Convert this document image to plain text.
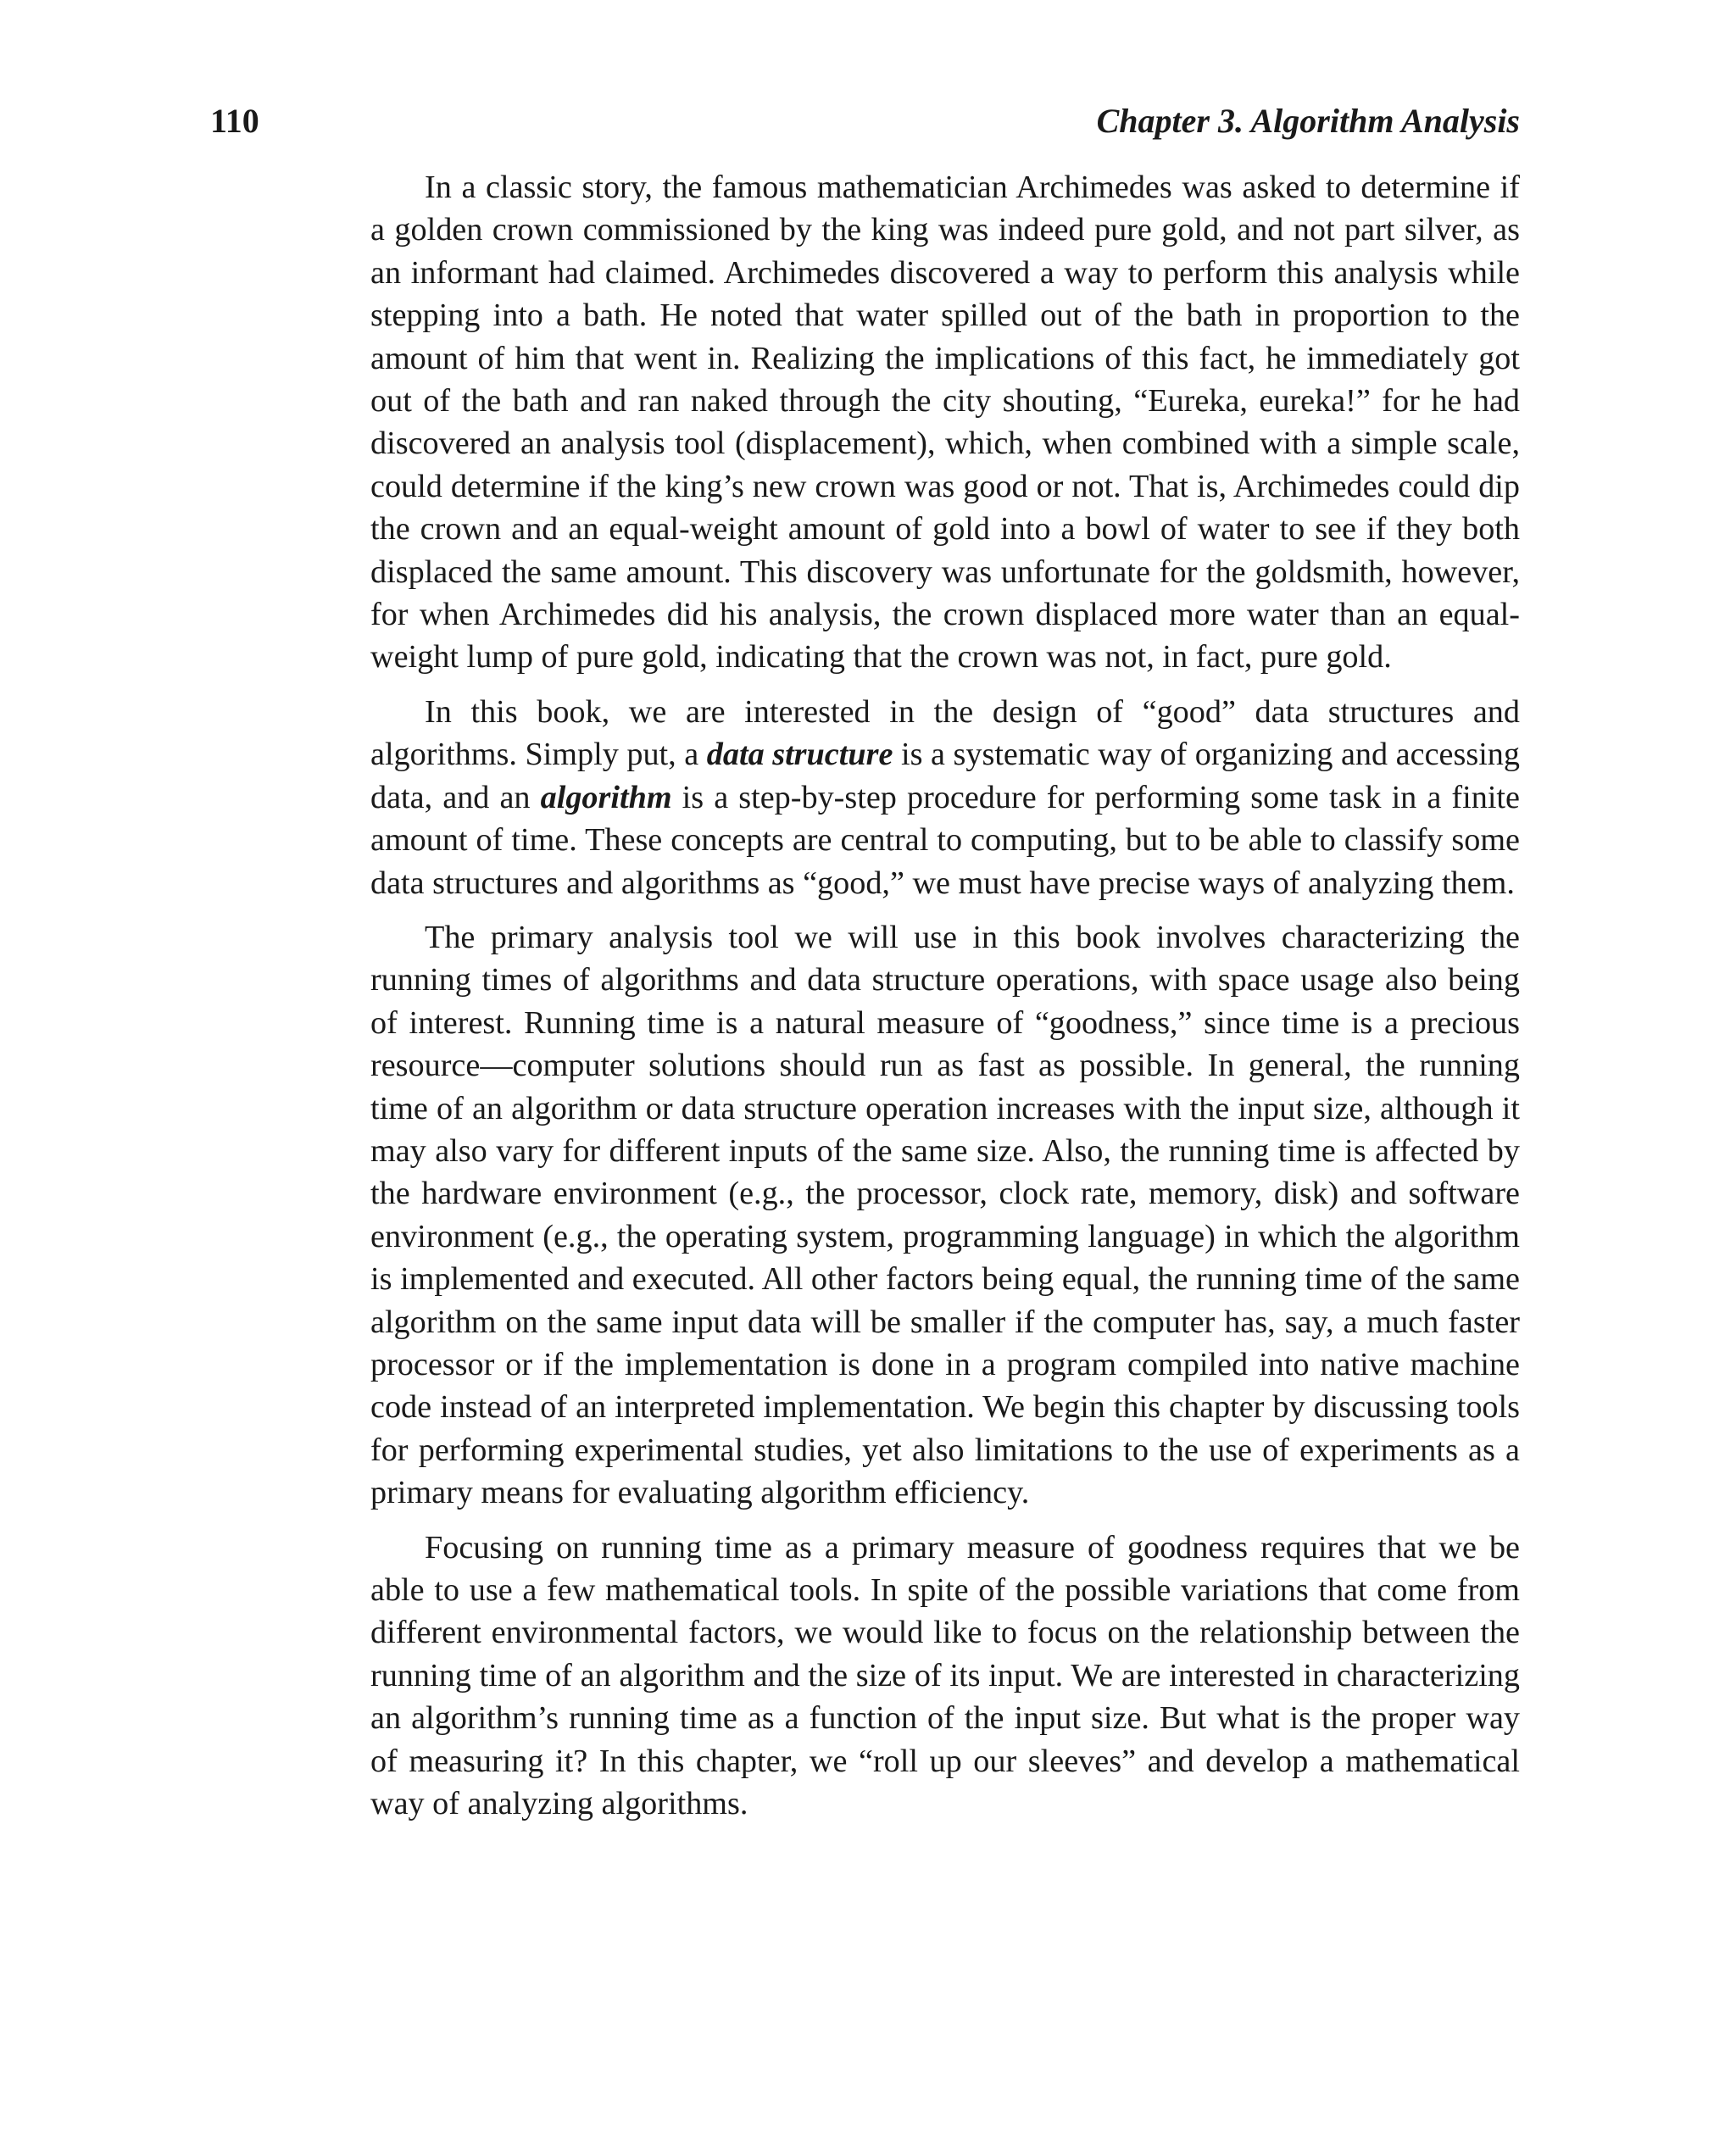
110	Chapter 3. Algorithm Analysis

In a classic story, the famous mathematician Archimedes was asked to determine if a golden crown commissioned by the king was indeed pure gold, and not part silver, as an informant had claimed. Archimedes discovered a way to perform this analysis while stepping into a bath. He noted that water spilled out of the bath in proportion to the amount of him that went in. Realizing the implications of this fact, he immediately got out of the bath and ran naked through the city shouting, “Eureka, eureka!” for he had discovered an analysis tool (displacement), which, when combined with a simple scale, could determine if the king’s new crown was good or not. That is, Archimedes could dip the crown and an equal-weight amount of gold into a bowl of water to see if they both displaced the same amount. This discovery was unfortunate for the goldsmith, however, for when Archimedes did his analysis, the crown displaced more water than an equal-weight lump of pure gold, indicating that the crown was not, in fact, pure gold.

In this book, we are interested in the design of “good” data structures and algorithms. Simply put, a data structure is a systematic way of organizing and accessing data, and an algorithm is a step-by-step procedure for performing some task in a finite amount of time. These concepts are central to computing, but to be able to classify some data structures and algorithms as “good,” we must have precise ways of analyzing them.

The primary analysis tool we will use in this book involves characterizing the running times of algorithms and data structure operations, with space usage also being of interest. Running time is a natural measure of “goodness,” since time is a precious resource—computer solutions should run as fast as possible. In general, the running time of an algorithm or data structure operation increases with the input size, although it may also vary for different inputs of the same size. Also, the running time is affected by the hardware environment (e.g., the processor, clock rate, memory, disk) and software environment (e.g., the operating system, programming language) in which the algorithm is implemented and executed. All other factors being equal, the running time of the same algorithm on the same input data will be smaller if the computer has, say, a much faster processor or if the implementation is done in a program compiled into native machine code instead of an interpreted implementation. We begin this chapter by discussing tools for performing experimental studies, yet also limitations to the use of experiments as a primary means for evaluating algorithm efficiency.

Focusing on running time as a primary measure of goodness requires that we be able to use a few mathematical tools. In spite of the possible variations that come from different environmental factors, we would like to focus on the relationship between the running time of an algorithm and the size of its input. We are interested in characterizing an algorithm’s running time as a function of the input size. But what is the proper way of measuring it? In this chapter, we “roll up our sleeves” and develop a mathematical way of analyzing algorithms.
